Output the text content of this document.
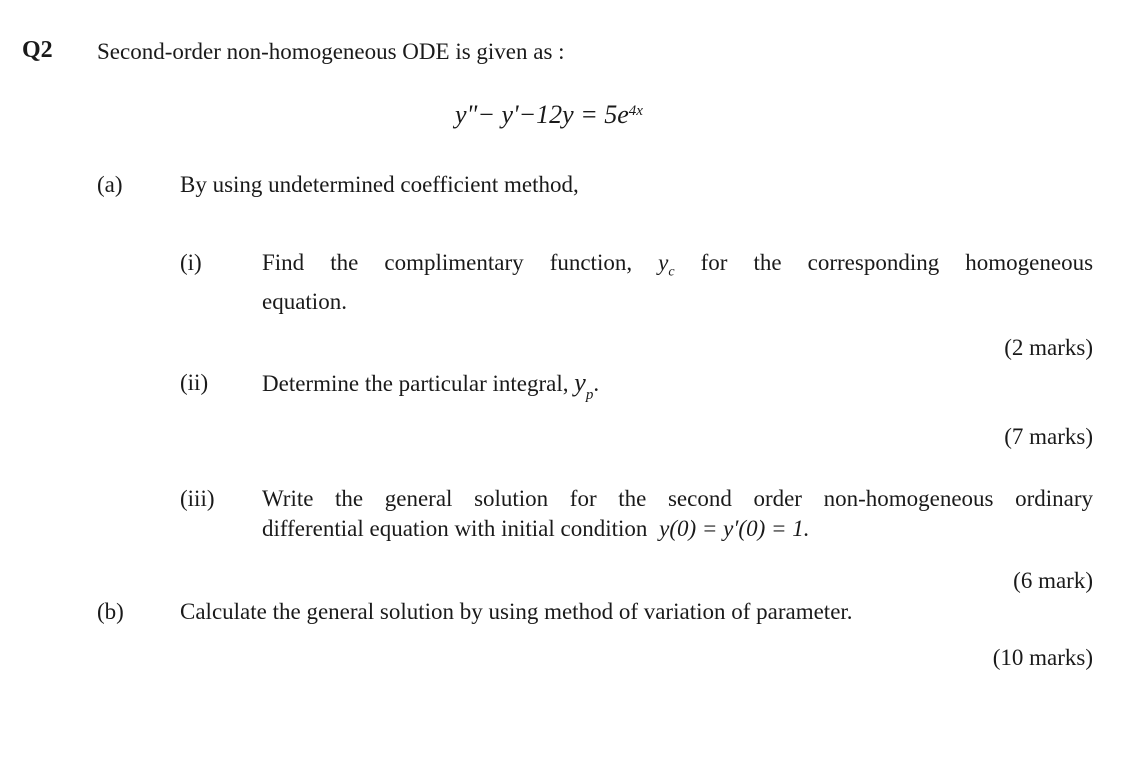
Q2 Second-order non-homogeneous ODE is given as :
y"− $y'-12y = 5e^{4x}$
(a) By using undetermined coefficient method,
(i)	Find the complimentary function, $y_c$ for the corresponding homogeneous
equation.
(2 marks)
(ii) Determine the particular integral, $y_p$.
(7 marks)
(iii) Write the general solution for the second order non-homogeneous ordinary
differential equation with initial condition y(0) = y′(0) = 1.
(6 mark)
(b) Calculate the general solution by using method of variation of parameter.
(10 marks)
